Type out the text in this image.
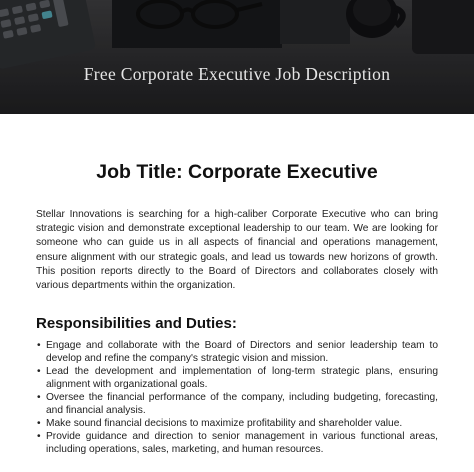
Free Corporate Executive Job Description
Job Title: Corporate Executive

Stellar Innovations is searching for a high-caliber Corporate Executive who can bring strategic vision and demonstrate exceptional leadership to our team. We are looking for someone who can guide us in all aspects of financial and operations management, ensure alignment with our strategic goals, and lead us towards new horizons of growth. This position reports directly to the Board of Directors and collaborates closely with various departments within the organization.

Responsibilities and Duties:
• Engage and collaborate with the Board of Directors and senior leadership team to develop and refine the company's strategic vision and mission.
• Lead the development and implementation of long-term strategic plans, ensuring alignment with organizational goals.
• Oversee the financial performance of the company, including budgeting, forecasting, and financial analysis.
• Make sound financial decisions to maximize profitability and shareholder value.
• Provide guidance and direction to senior management in various functional areas, including operations, sales, marketing, and human resources.
